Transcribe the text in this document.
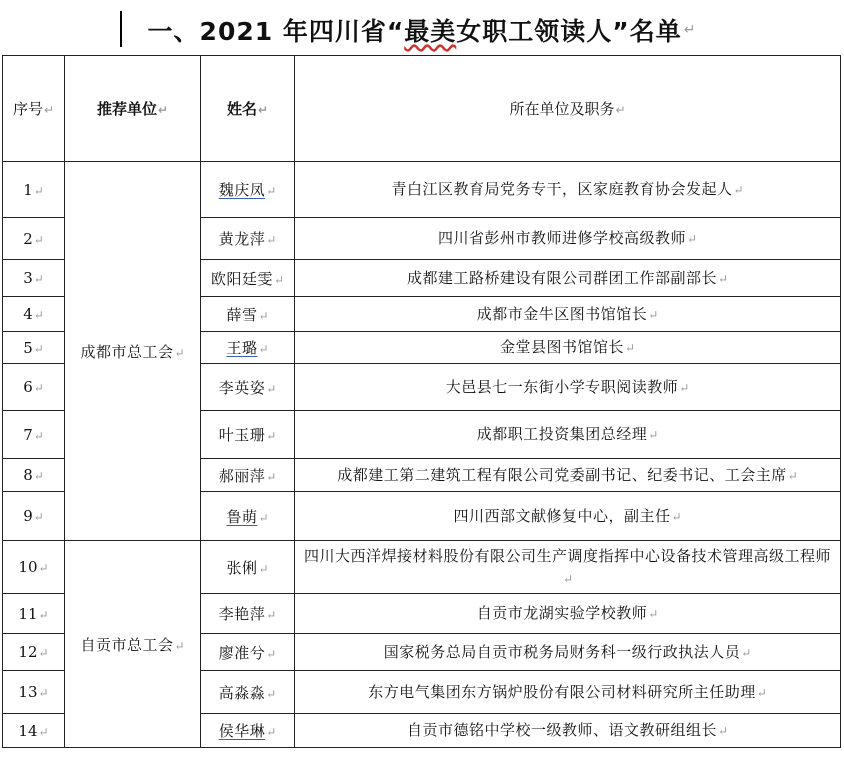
一、2021 年四川省“ 最美 女职工领读人”名单 ↵
序号↵	推荐单位↵	姓名↵	所在单位及职务↵
1↵	成都市总工会↵	魏庆凤↵	青白江区教育局党务专干，区家庭教育协会发起人↵
2↵		黄龙萍↵	四川省彭州市教师进修学校高级教师↵
3↵		欧阳廷雯↵	成都建工路桥建设有限公司群团工作部副部长↵
4↵		薛雪↵	成都市金牛区图书馆馆长↵
5↵		王璐↵	金堂县图书馆馆长↵
6↵		李英姿↵	大邑县七一东街小学专职阅读教师↵
7↵		叶玉珊↵	成都职工投资集团总经理↵
8↵		郝丽萍↵	成都建工第二建筑工程有限公司党委副书记、纪委书记、工会主席↵
9↵		鲁萌↵	四川西部文献修复中心，副主任↵
10↵	自贡市总工会↵	张俐↵	四川大西洋焊接材料股份有限公司生产调度指挥中心设备技术管理高级工程师↵
11↵		李艳萍↵	自贡市龙湖实验学校教师↵
12↵		廖准兮↵	国家税务总局自贡市税务局财务科一级行政执法人员↵
13↵		高淼淼↵	东方电气集团东方锅炉股份有限公司材料研究所主任助理↵
14↵		侯华琳↵	自贡市德铭中学校一级教师、语文教研组组长↵
